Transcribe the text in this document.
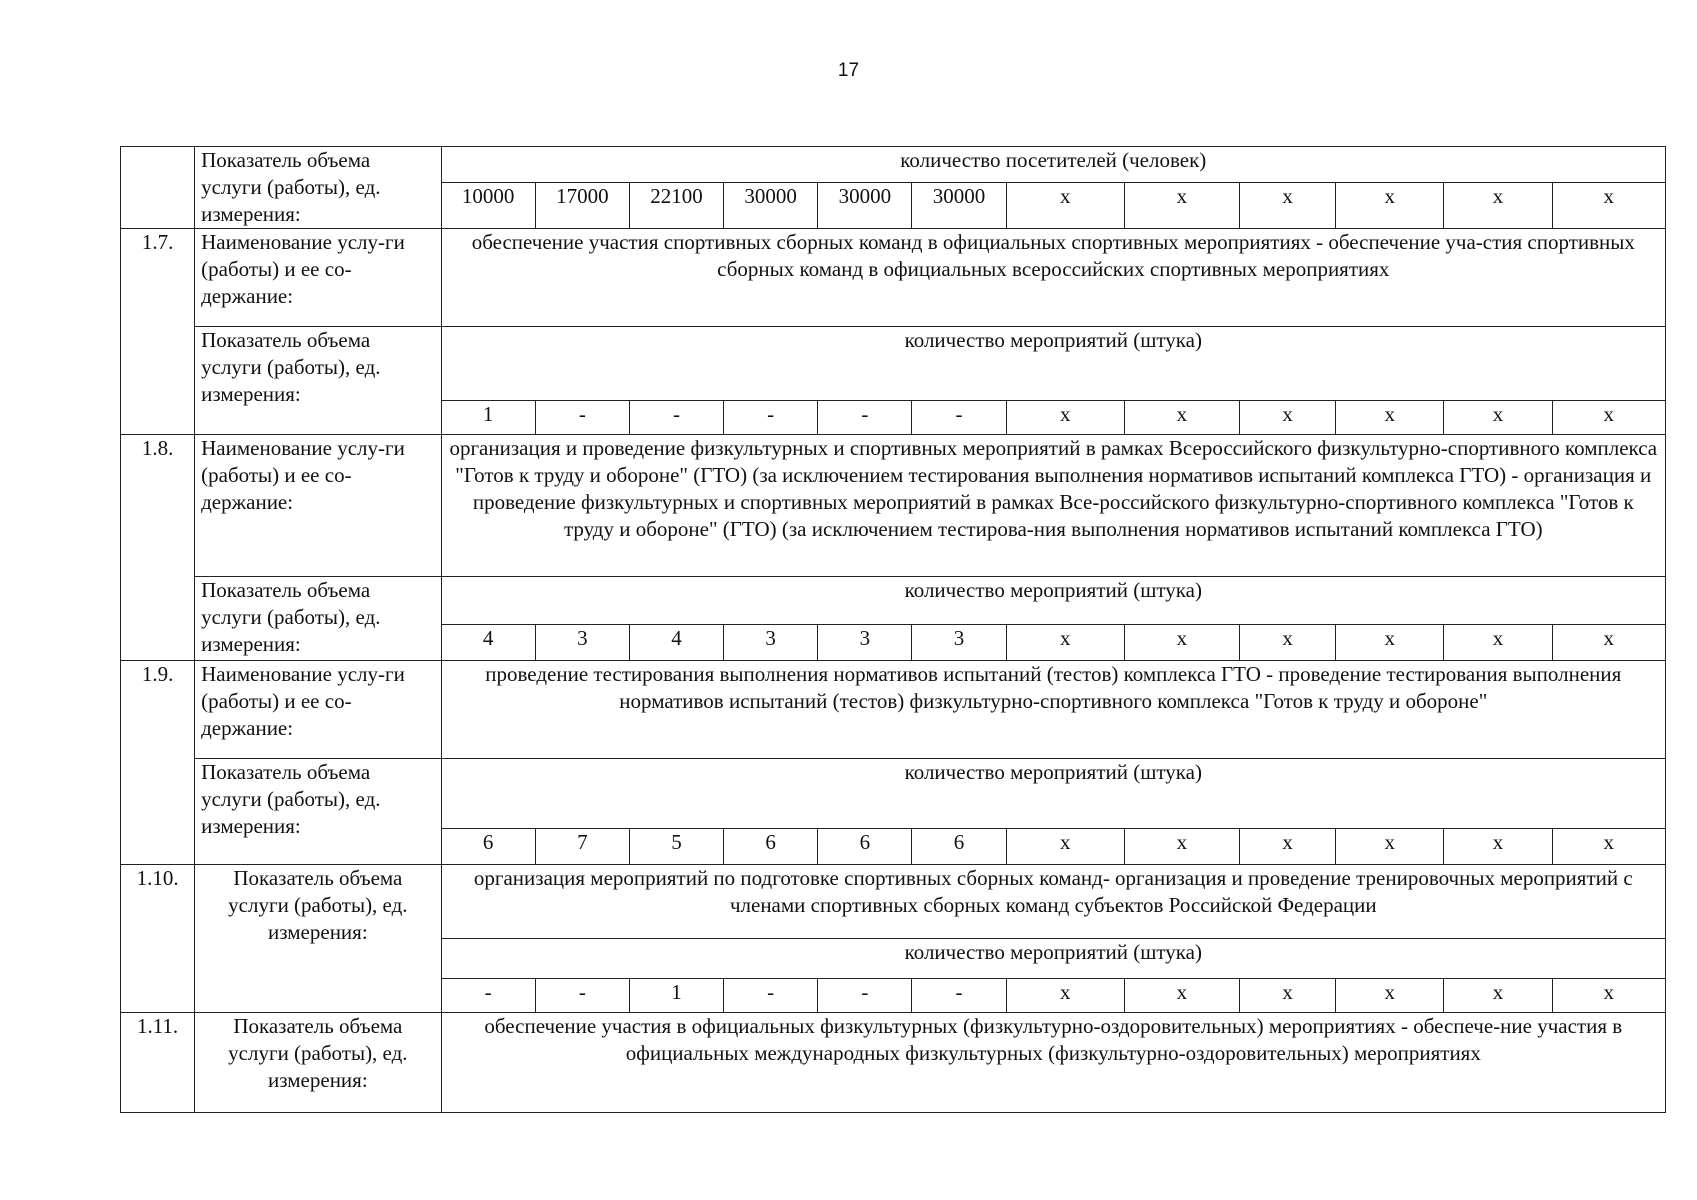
17
	Показатель объема услуги (работы), ед. измерения:	количество посетителей (человек)											
		10000	17000	22100	30000	30000	30000	х	х	х	х	х	х
1.7.	Наименование услу-ги (работы) и ее со-держание:	обеспечение участия спортивных сборных команд в официальных спортивных мероприятиях - обеспечение уча-стия спортивных сборных команд в официальных всероссийских спортивных мероприятиях											
	Показатель объема услуги (работы), ед. измерения:	количество мероприятий (штука)											
		1	-	-	-	-	-	х	х	х	х	х	х
1.8.	Наименование услу-ги (работы) и ее со-держание:	организация и проведение физкультурных и спортивных мероприятий в рамках Всероссийского физкультурно-спортивного комплекса "Готов к труду и обороне" (ГТО) (за исключением тестирования выполнения нормативов испытаний комплекса ГТО) - организация и проведение физкультурных и спортивных мероприятий в рамках Все-российского физкультурно-спортивного комплекса "Готов к труду и обороне" (ГТО) (за исключением тестирова-ния выполнения нормативов испытаний комплекса ГТО)											
	Показатель объема услуги (работы), ед. измерения:	количество мероприятий (штука)											
		4	3	4	3	3	3	х	х	х	х	х	х
1.9.	Наименование услу-ги (работы) и ее со-держание:	проведение тестирования выполнения нормативов испытаний (тестов) комплекса ГТО - проведение тестирования выполнения нормативов испытаний (тестов) физкультурно-спортивного комплекса "Готов к труду и обороне"											
	Показатель объема услуги (работы), ед. измерения:	количество мероприятий (штука)											
		6	7	5	6	6	6	х	х	х	х	х	х
1.10.	Показатель объема услуги (работы), ед. измерения:	организация мероприятий по подготовке спортивных сборных команд- организация и проведение тренировочных мероприятий с членами спортивных сборных команд субъектов Российской Федерации											
		количество мероприятий (штука)											
		-	-	1	-	-	-	х	х	х	х	х	х
1.11.	Показатель объема услуги (работы), ед. измерения:	обеспечение участия в официальных физкультурных (физкультурно-оздоровительных) мероприятиях - обеспече-ние участия в официальных международных физкультурных (физкультурно-оздоровительных) мероприятиях											
